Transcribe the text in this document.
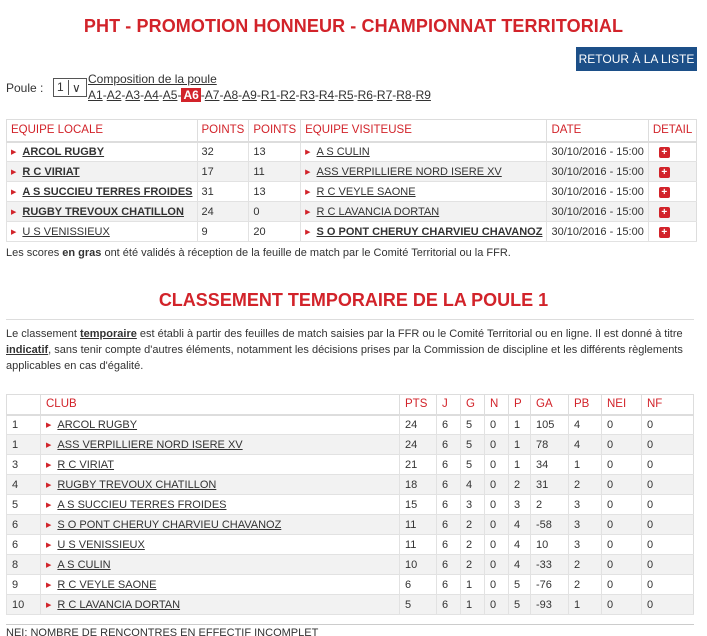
PHT - PROMOTION HONNEUR - CHAMPIONNAT TERRITORIAL
RETOUR À LA LISTE
Poule : 1 ∨
Composition de la poule
A1-A2-A3-A4-A5- A6 -A7-A8-A9-R1-R2-R3-R4-R5-R6-R7-R8-R9
EQUIPE LOCALE	POINTS	POINTS	EQUIPE VISITEUSE	DATE	DETAIL
▶ ARCOL RUGBY	32	13	▶ A S CULIN	30/10/2016 - 15:00	+
▶ R C VIRIAT	17	11	▶ ASS VERPILLIERE NORD ISERE XV	30/10/2016 - 15:00	+
▶ A S SUCCIEU TERRES FROIDES	31	13	▶ R C VEYLE SAONE	30/10/2016 - 15:00	+
▶ RUGBY TREVOUX CHATILLON	24	0	▶ R C LAVANCIA DORTAN	30/10/2016 - 15:00	+
▶ U S VENISSIEUX	9	20	▶ S O PONT CHERUY CHARVIEU CHAVANOZ	30/10/2016 - 15:00	+
Les scores en gras ont été validés à réception de la feuille de match par le Comité Territorial ou la FFR.
CLASSEMENT TEMPORAIRE DE LA POULE 1
Le classement temporaire est établi à partir des feuilles de match saisies par la FFR ou le Comité Territorial ou en ligne. Il est donné à titre indicatif, sans tenir compte d'autres éléments, notamment les décisions prises par la Commission de discipline et les différents règlements applicables en cas d'égalité.
	CLUB	PTS	J	G	N	P	GA	PB	NEI	NF
1	▶ ARCOL RUGBY	24	6	5	0	1	105	4	0	0
1	▶ ASS VERPILLIERE NORD ISERE XV	24	6	5	0	1	78	4	0	0
3	▶ R C VIRIAT	21	6	5	0	1	34	1	0	0
4	▶ RUGBY TREVOUX CHATILLON	18	6	4	0	2	31	2	0	0
5	▶ A S SUCCIEU TERRES FROIDES	15	6	3	0	3	2	3	0	0
6	▶ S O PONT CHERUY CHARVIEU CHAVANOZ	11	6	2	0	4	-58	3	0	0
6	▶ U S VENISSIEUX	11	6	2	0	4	10	3	0	0
8	▶ A S CULIN	10	6	2	0	4	-33	2	0	0
9	▶ R C VEYLE SAONE	6	6	1	0	5	-76	2	0	0
10	▶ R C LAVANCIA DORTAN	5	6	1	0	5	-93	1	0	0
NEI: NOMBRE DE RENCONTRES EN EFFECTIF INCOMPLET
